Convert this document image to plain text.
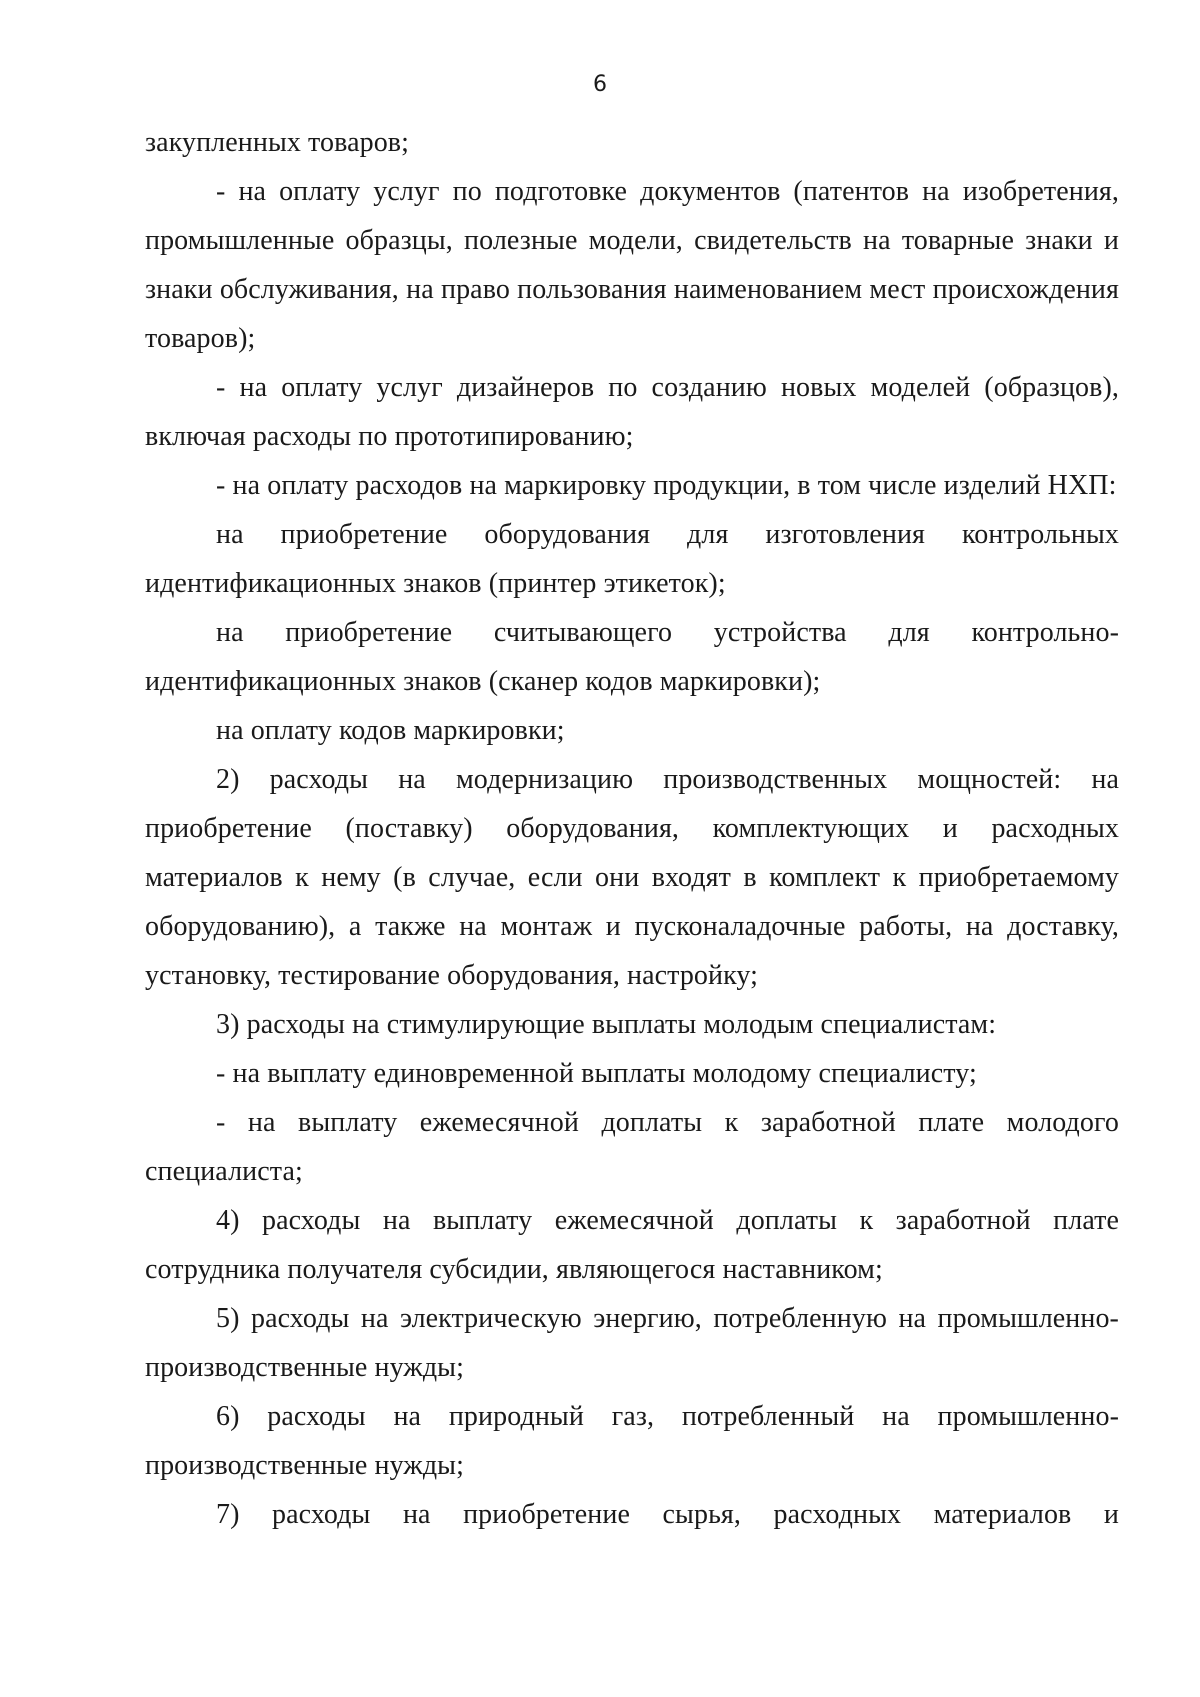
6

закупленных товаров;

- на оплату услуг по подготовке документов (патентов на изобретения, промышленные образцы, полезные модели, свидетельств на товарные знаки и знаки обслуживания, на право пользования наименованием мест происхождения товаров);

- на оплату услуг дизайнеров по созданию новых моделей (образцов), включая расходы по прототипированию;

- на оплату расходов на маркировку продукции, в том числе изделий НХП:

на приобретение оборудования для изготовления контрольных идентификационных знаков (принтер этикеток);

на приобретение считывающего устройства для контрольно-идентификационных знаков (сканер кодов маркировки);

на оплату кодов маркировки;

2) расходы на модернизацию производственных мощностей: на приобретение (поставку) оборудования, комплектующих и расходных материалов к нему (в случае, если они входят в комплект к приобретаемому оборудованию), а также на монтаж и пусконаладочные работы, на доставку, установку, тестирование оборудования, настройку;

3) расходы на стимулирующие выплаты молодым специалистам:

- на выплату единовременной выплаты молодому специалисту;

- на выплату ежемесячной доплаты к заработной плате молодого специалиста;

4) расходы на выплату ежемесячной доплаты к заработной плате сотрудника получателя субсидии, являющегося наставником;

5) расходы на электрическую энергию, потребленную на промышленно-производственные нужды;

6) расходы на природный газ, потребленный на промышленно-производственные нужды;

7) расходы на приобретение сырья, расходных материалов и
